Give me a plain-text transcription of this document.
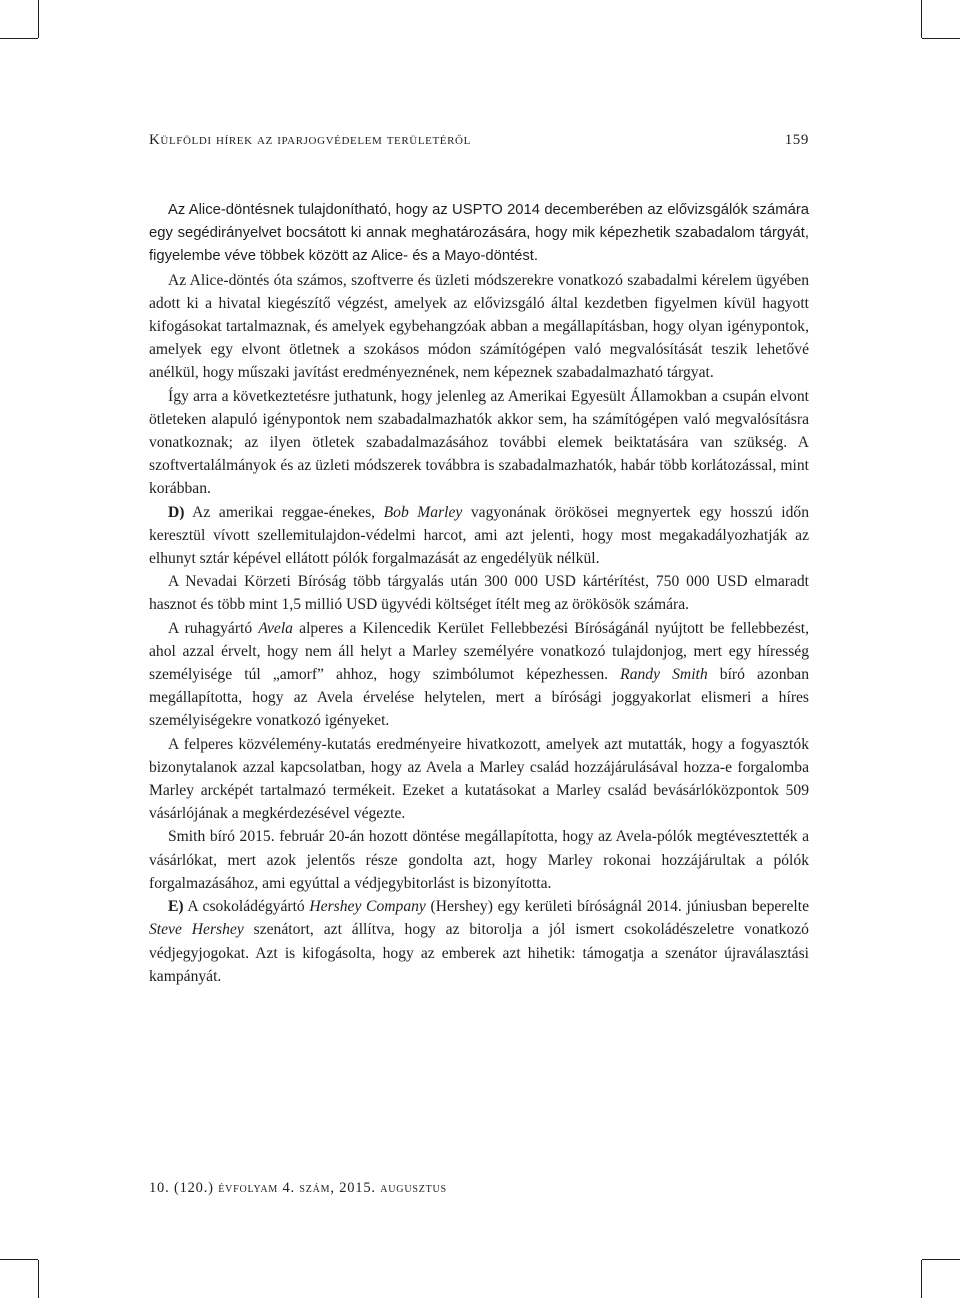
Külföldi hírek az iparjogvédelem területéről	159

Az Alice-döntésnek tulajdonítható, hogy az USPTO 2014 decemberében az elővizsgálók számára egy segédirányelvet bocsátott ki annak meghatározására, hogy mik képezhetik szabadalom tárgyát, figyelembe véve többek között az Alice- és a Mayo-döntést.

Az Alice-döntés óta számos, szoftverre és üzleti módszerekre vonatkozó szabadalmi kérelem ügyében adott ki a hivatal kiegészítő végzést, amelyek az elővizsgáló által kezdetben figyelmen kívül hagyott kifogásokat tartalmaznak, és amelyek egybehangzóak abban a megállapításban, hogy olyan igénypontok, amelyek egy elvont ötletnek a szokásos módon számítógépen való megvalósítását teszik lehetővé anélkül, hogy műszaki javítást eredményeznének, nem képeznek szabadalmazható tárgyat.

Így arra a következtetésre juthatunk, hogy jelenleg az Amerikai Egyesült Államokban a csupán elvont ötleteken alapuló igénypontok nem szabadalmazhatók akkor sem, ha számítógépen való megvalósításra vonatkoznak; az ilyen ötletek szabadalmazásához további elemek beiktatására van szükség. A szoftvertalálmányok és az üzleti módszerek továbbra is szabadalmazhatók, habár több korlátozással, mint korábban.

D) Az amerikai reggae-énekes, Bob Marley vagyonának örökösei megnyertek egy hosszú időn keresztül vívott szellemitulajdon-védelmi harcot, ami azt jelenti, hogy most megakadályozhatják az elhunyt sztár képével ellátott pólók forgalmazását az engedélyük nélkül.

A Nevadai Körzeti Bíróság több tárgyalás után 300 000 USD kártérítést, 750 000 USD elmaradt hasznot és több mint 1,5 millió USD ügyvédi költséget ítélt meg az örökösök számára.

A ruhagyártó Avela alperes a Kilencedik Kerület Fellebbezési Bíróságánál nyújtott be fellebbezést, ahol azzal érvelt, hogy nem áll helyt a Marley személyére vonatkozó tulajdonjog, mert egy híresség személyisége túl „amorf” ahhoz, hogy szimbólumot képezhessen. Randy Smith bíró azonban megállapította, hogy az Avela érvelése helytelen, mert a bírósági joggyakorlat elismeri a híres személyiségekre vonatkozó igényeket.

A felperes közvélemény-kutatás eredményeire hivatkozott, amelyek azt mutatták, hogy a fogyasztók bizonytalanok azzal kapcsolatban, hogy az Avela a Marley család hozzájárulásával hozza-e forgalomba Marley arcképét tartalmazó termékeit. Ezeket a kutatásokat a Marley család bevásárlóközpontok 509 vásárlójának a megkérdezésével végezte.

Smith bíró 2015. február 20-án hozott döntése megállapította, hogy az Avela-pólók megtévesztették a vásárlókat, mert azok jelentős része gondolta azt, hogy Marley rokonai hozzájárultak a pólók forgalmazásához, ami egyúttal a védjegybitorlást is bizonyította.

E) A csokoládégyártó Hershey Company (Hershey) egy kerületi bíróságnál 2014. júniusban beperelte Steve Hershey szenátort, azt állítva, hogy az bitorolja a jól ismert csokoládészeletre vonatkozó védjegyjogokat. Azt is kifogásolta, hogy az emberek azt hihetik: támogatja a szenátor újraválasztási kampányát.

10. (120.) évfolyam 4. szám, 2015. augusztus
